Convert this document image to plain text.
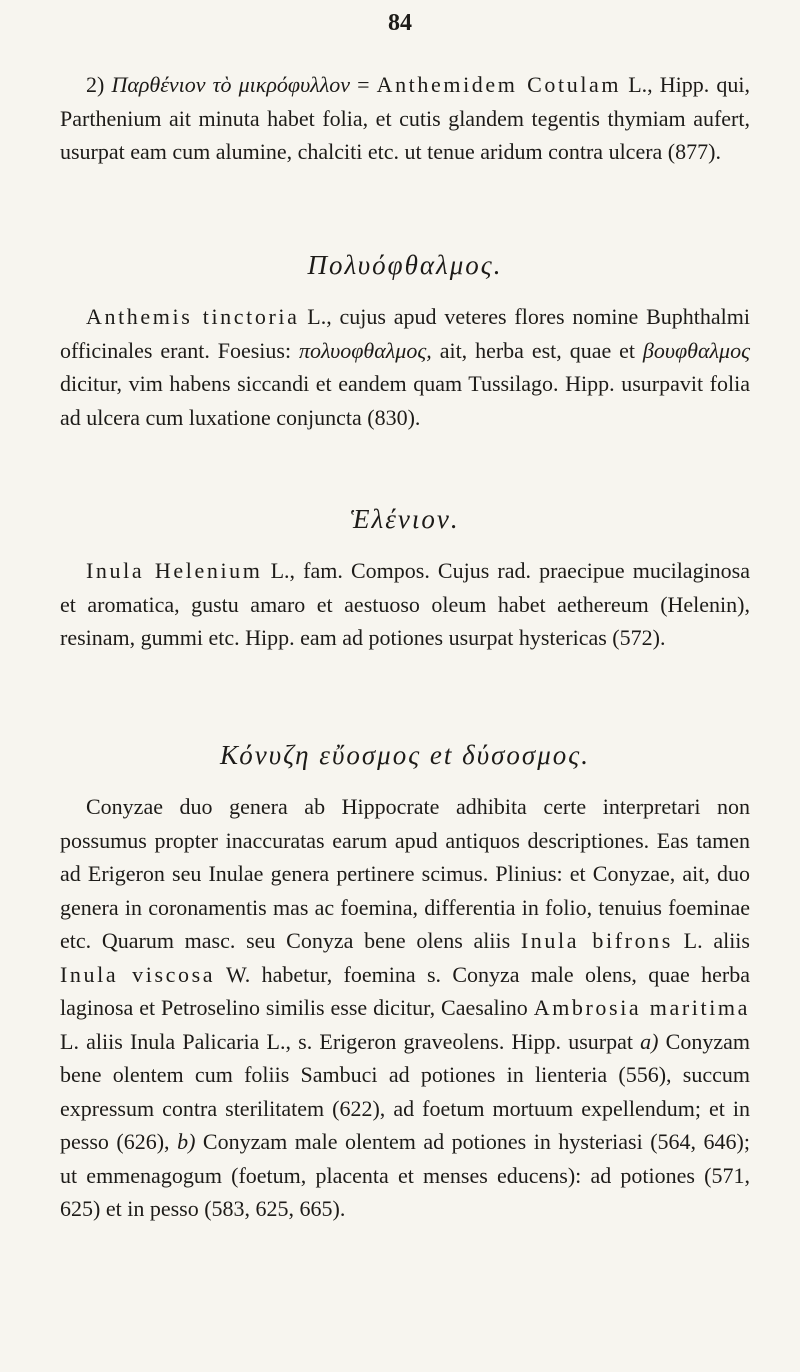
84

2) Παρθένιον τὸ μικρόφυλλον = Anthemidem Cotulam L., Hipp. qui, Parthenium ait minuta habet folia, et cutis glandem tegentis thymiam aufert, usurpat eam cum alumine, chalciti etc. ut tenue aridum contra ulcera (877).

Πολυόφθαλμος.

Anthemis tinctoria L., cujus apud veteres flores nomine Buphthalmi officinales erant. Foesius: πολυοφθαλμος, ait, herba est, quae et βουφθαλμος dicitur, vim habens siccandi et eandem quam Tussilago. Hipp. usurpavit folia ad ulcera cum luxatione conjuncta (830).

Ἑλένιον.

Inula Helenium L., fam. Compos. Cujus rad. praecipue mucilaginosa et aromatica, gustu amaro et aestuoso oleum habet aethereum (Helenin), resinam, gummi etc. Hipp. eam ad potiones usurpat hystericas (572).

Κόνυζη εὔοσμος et δύσοσμος.

Conyzae duo genera ab Hippocrate adhibita certe interpretari non possumus propter inaccuratas earum apud antiquos descriptiones. Eas tamen ad Erigeron seu Inulae genera pertinere scimus. Plinius: et Conyzae, ait, duo genera in coronamentis mas ac foemina, differentia in folio, tenuius foeminae etc. Quarum masc. seu Conyza bene olens aliis Inula bifrons L. aliis Inula viscosa W. habetur, foemina s. Conyza male olens, quae herba laginosa et Petroselino similis esse dicitur, Caesalino Ambrosia maritima L. aliis Inula Palicaria L., s. Erigeron graveolens. Hipp. usurpat a) Conyzam bene olentem cum foliis Sambuci ad potiones in lienteria (556), succum expressum contra sterilitatem (622), ad foetum mortuum expellendum; et in pesso (626), b) Conyzam male olentem ad potiones in hysteriasi (564, 646); ut emmenagogum (foetum, placenta et menses educens): ad potiones (571, 625) et in pesso (583, 625, 665).
